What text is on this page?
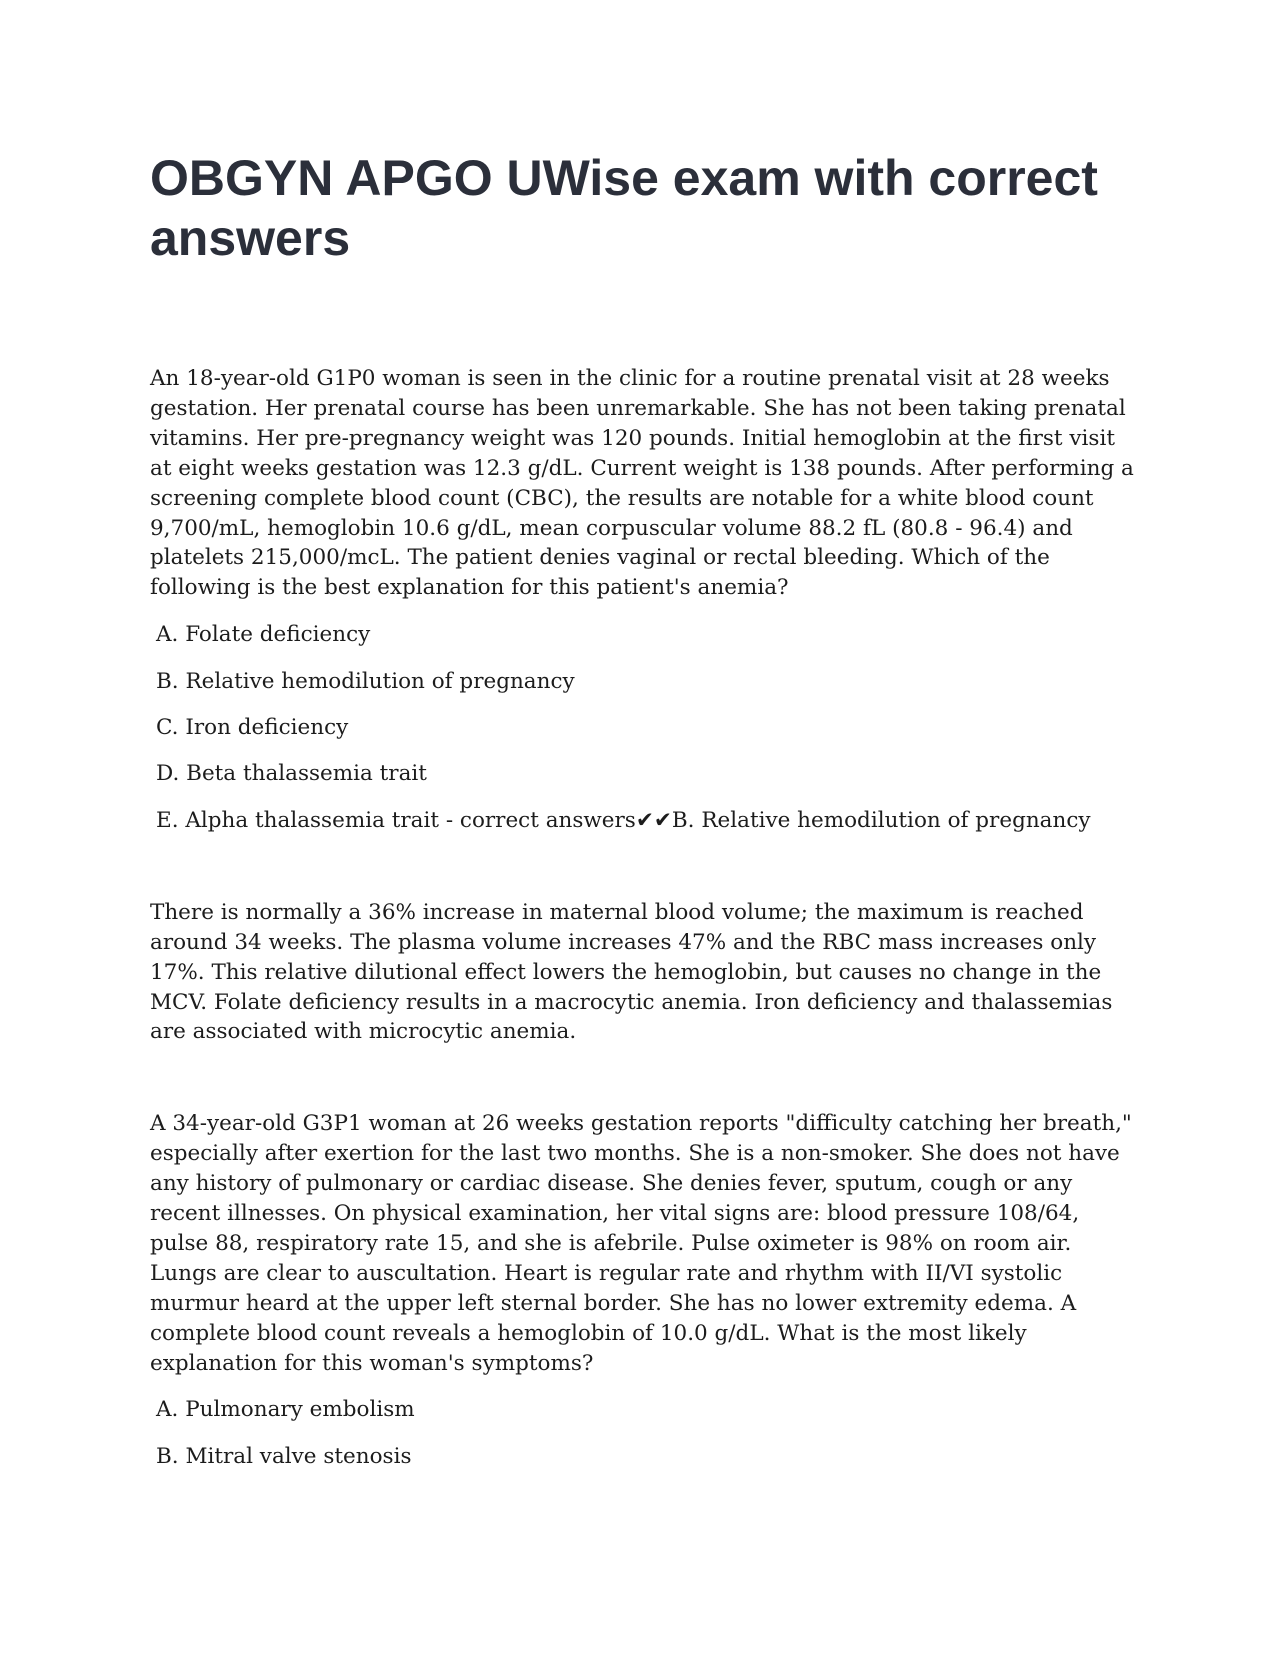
OBGYN APGO UWise exam with correct answers

An 18-year-old G1P0 woman is seen in the clinic for a routine prenatal visit at 28 weeks gestation. Her prenatal course has been unremarkable. She has not been taking prenatal vitamins. Her pre-pregnancy weight was 120 pounds. Initial hemoglobin at the first visit at eight weeks gestation was 12.3 g/dL. Current weight is 138 pounds. After performing a screening complete blood count (CBC), the results are notable for a white blood count 9,700/mL, hemoglobin 10.6 g/dL, mean corpuscular volume 88.2 fL (80.8 - 96.4) and platelets 215,000/mcL. The patient denies vaginal or rectal bleeding. Which of the following is the best explanation for this patient's anemia?

A. Folate deficiency
B. Relative hemodilution of pregnancy
C. Iron deficiency
D. Beta thalassemia trait
E. Alpha thalassemia trait - correct answers✔✔B. Relative hemodilution of pregnancy

There is normally a 36% increase in maternal blood volume; the maximum is reached around 34 weeks. The plasma volume increases 47% and the RBC mass increases only 17%. This relative dilutional effect lowers the hemoglobin, but causes no change in the MCV. Folate deficiency results in a macrocytic anemia. Iron deficiency and thalassemias are associated with microcytic anemia.

A 34-year-old G3P1 woman at 26 weeks gestation reports "difficulty catching her breath," especially after exertion for the last two months. She is a non-smoker. She does not have any history of pulmonary or cardiac disease. She denies fever, sputum, cough or any recent illnesses. On physical examination, her vital signs are: blood pressure 108/64, pulse 88, respiratory rate 15, and she is afebrile. Pulse oximeter is 98% on room air. Lungs are clear to auscultation. Heart is regular rate and rhythm with II/VI systolic murmur heard at the upper left sternal border. She has no lower extremity edema. A complete blood count reveals a hemoglobin of 10.0 g/dL. What is the most likely explanation for this woman's symptoms?

A. Pulmonary embolism
B. Mitral valve stenosis
